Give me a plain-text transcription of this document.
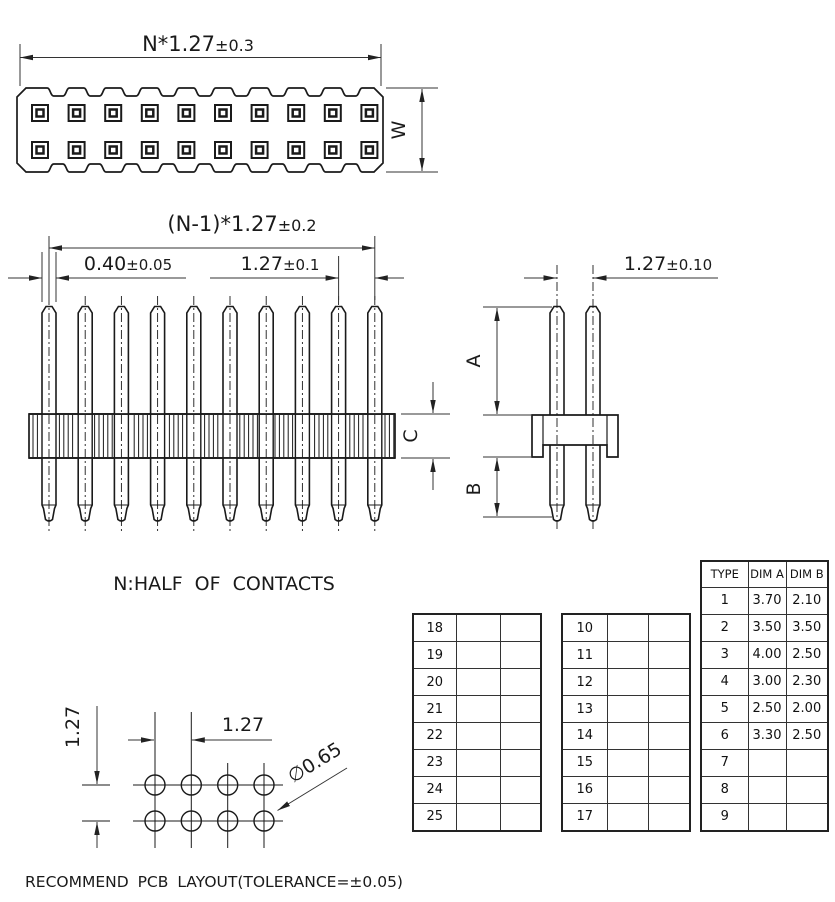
N*1.27±0.3
W
(N-1)*1.27±0.2
0.40±0.05	1.27±0.1
C
1.27±0.10
A
B
N:HALF OF CONTACTS
RECOMMEND PCB LAYOUT(TOLERANCE=±0.05)
1.27	1.27
∅0.65
18		
19		
20		
21		
22		
23		
24		
25		
10		
11		
12		
13		
14		
15		
16		
17		
TYPE	DIM A	DIM B
1	3.70	2.10
2	3.50	3.50
3	4.00	2.50
4	3.00	2.30
5	2.50	2.00
6	3.30	2.50
7		
8		
9		
